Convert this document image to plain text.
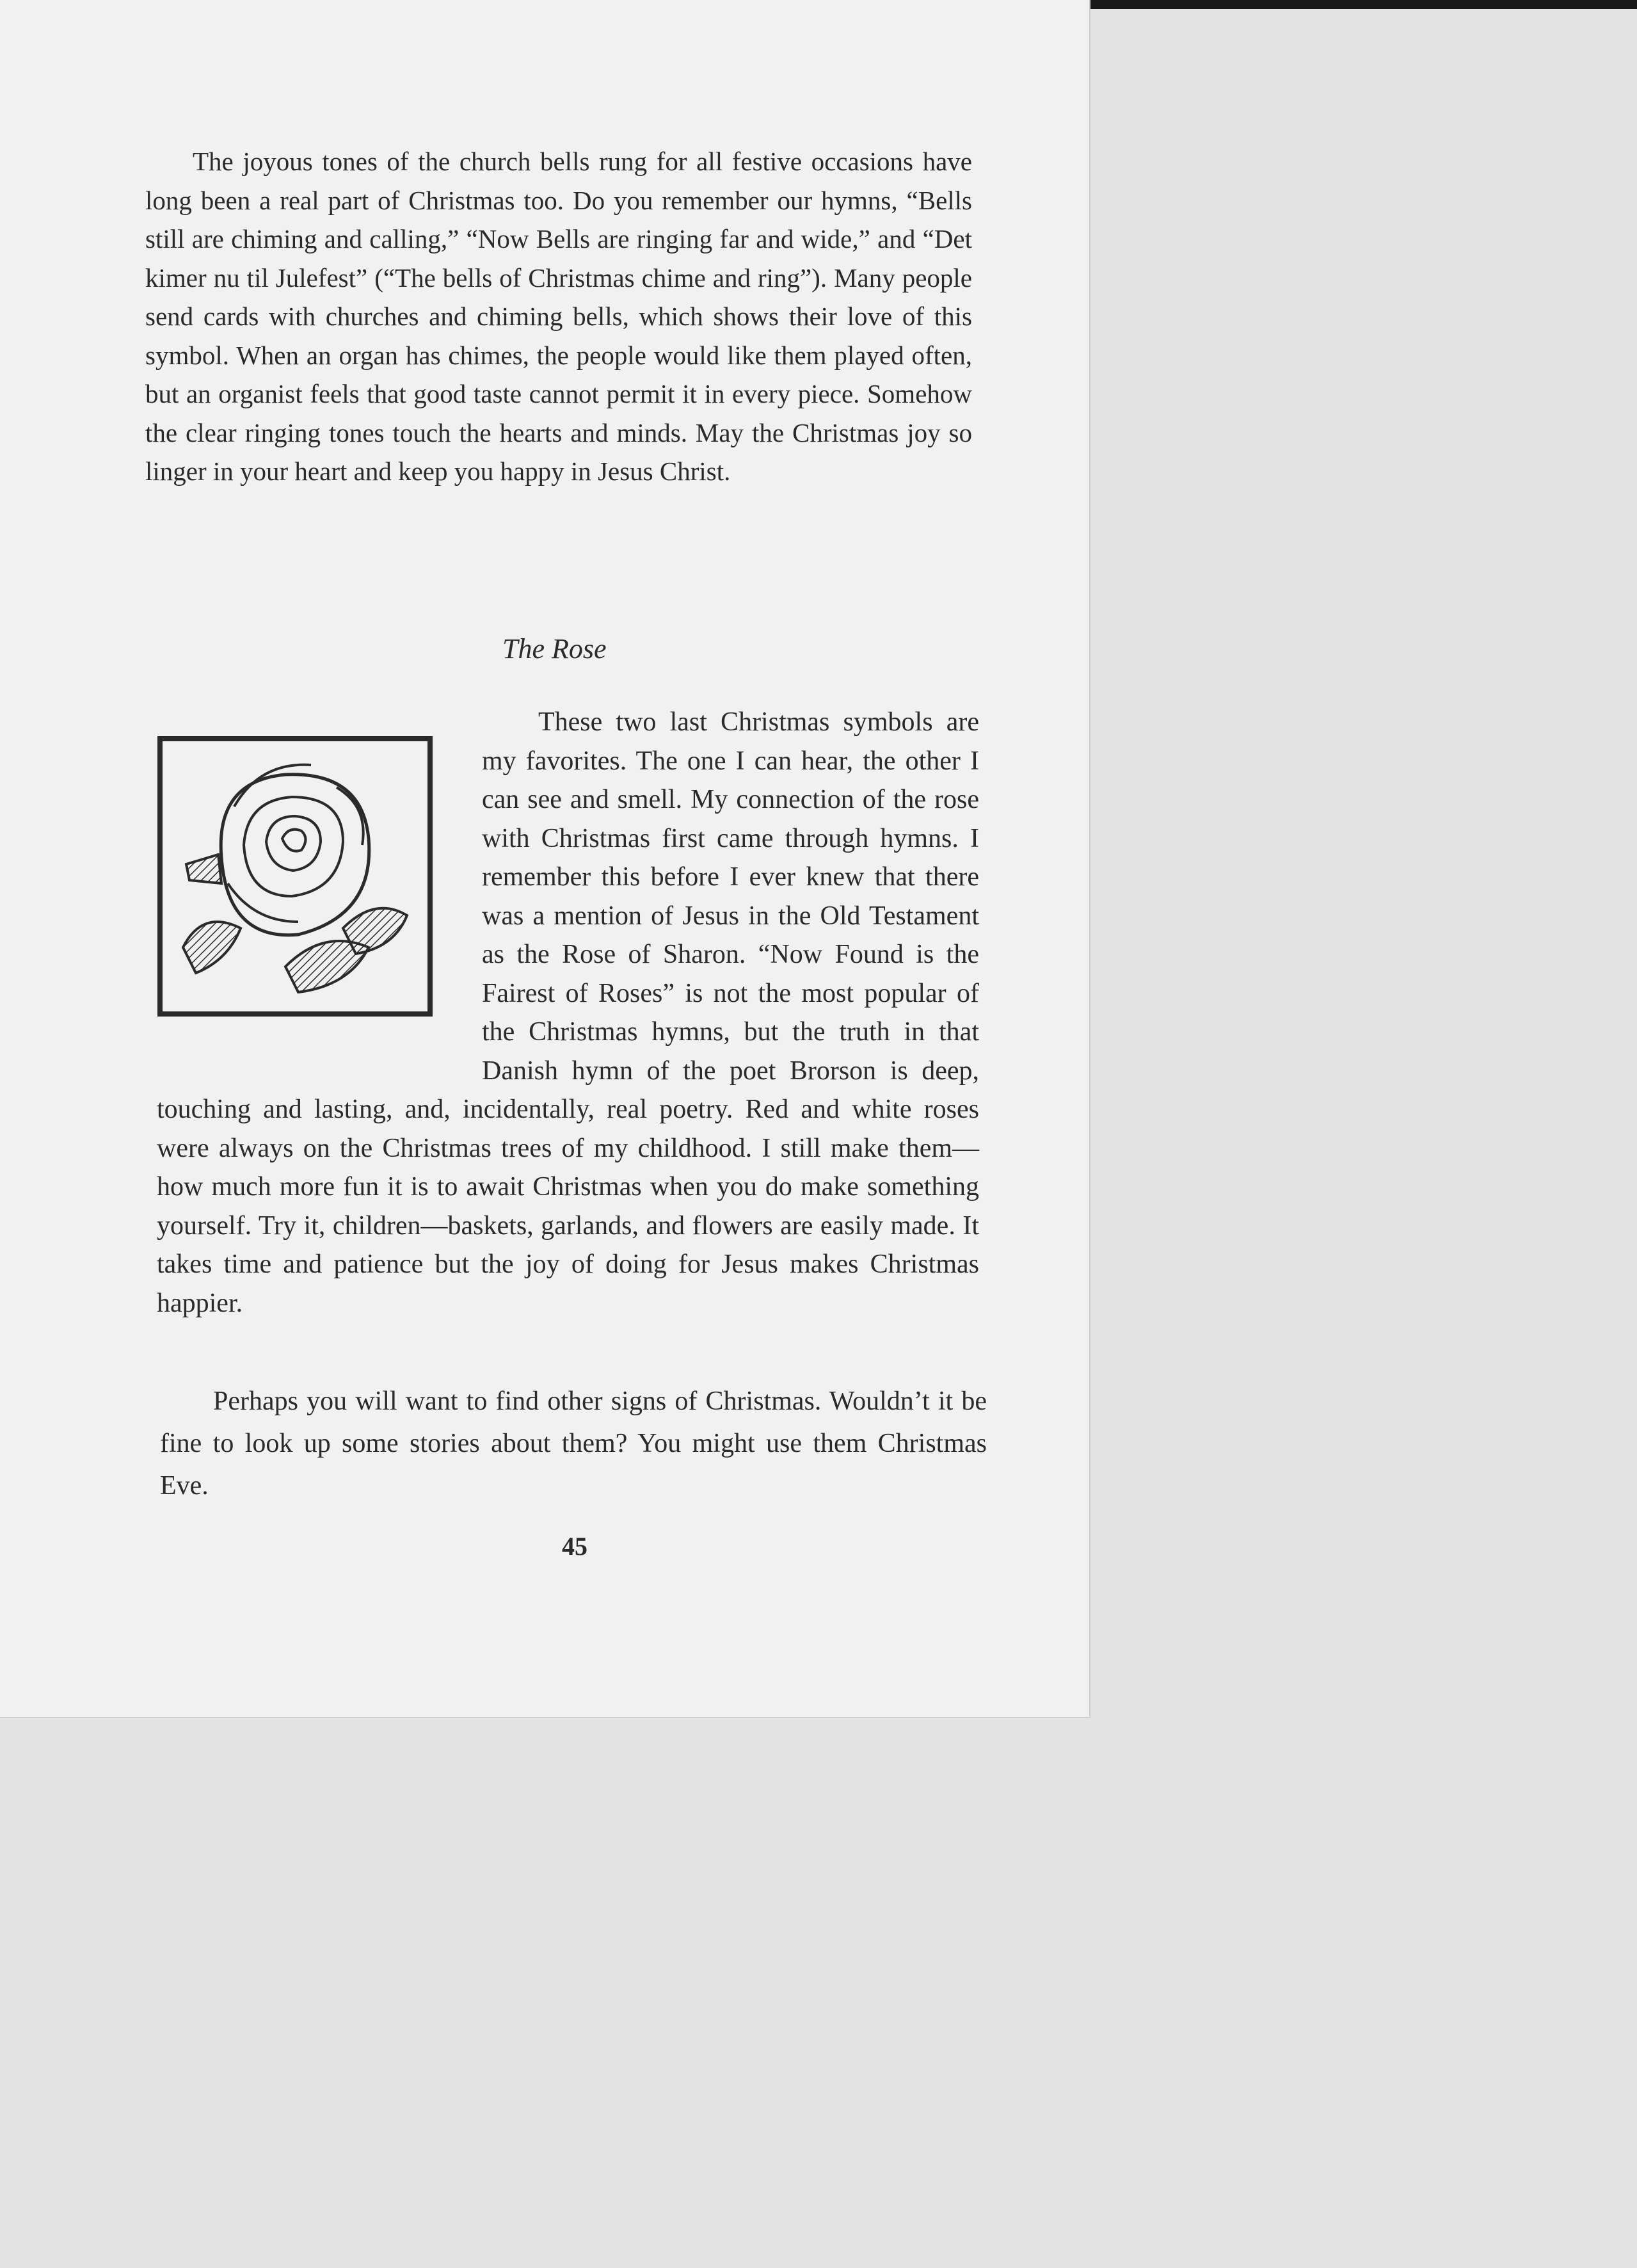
The joyous tones of the church bells rung for all festive occasions have long been a real part of Christmas too. Do you remember our hymns, “Bells still are chiming and calling,” “Now Bells are ringing far and wide,” and “Det kimer nu til Julefest” (“The bells of Christmas chime and ring”). Many people send cards with churches and chiming bells, which shows their love of this symbol. When an organ has chimes, the people would like them played often, but an organist feels that good taste cannot permit it in every piece. Somehow the clear ringing tones touch the hearts and minds. May the Christmas joy so linger in your heart and keep you happy in Jesus Christ.

The Rose

These two last Christmas symbols are my favorites. The one I can hear, the other I can see and smell. My connection of the rose with Christmas first came through hymns. I remember this before I ever knew that there was a mention of Jesus in the Old Testament as the Rose of Sharon. “Now Found is the Fairest of Roses” is not the most popular of the Christmas hymns, but the truth in that Danish hymn of the poet Brorson is deep, touching and lasting, and, incidentally, real poetry. Red and white roses were always on the Christmas trees of my childhood. I still make them—how much more fun it is to await Christmas when you do make something yourself. Try it, children—baskets, garlands, and flowers are easily made. It takes time and patience but the joy of doing for Jesus makes Christmas happier.

Perhaps you will want to find other signs of Christmas. Wouldn’t it be fine to look up some stories about them? You might use them Christmas Eve.

45
